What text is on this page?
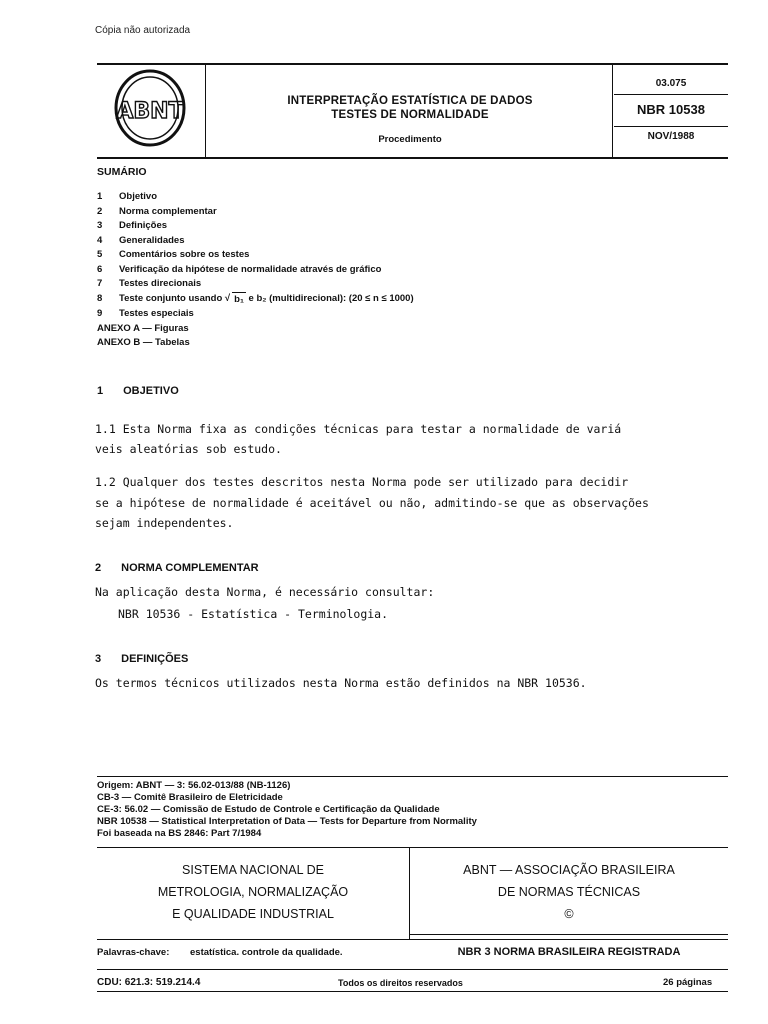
Cópia não autorizada
ABNT	INTERPRETAÇÃO ESTATÍSTICA DE DADOS
TESTES DE NORMALIDADE
Procedimento
03.075
NBR 10538
NOV/1988
SUMÁRIO
1	Objetivo
2	Norma complementar
3	Definições
4	Generalidades
5	Comentários sobre os testes
6	Verificação da hipótese de normalidade através de gráfico
7	Testes direcionais
8	Teste conjunto usando √ b₁
e b₂ (multidirecional): (20 ≤ n ≤ 1000)
9	Testes especiais
ANEXO A — Figuras
ANEXO B — Tabelas
1 OBJETIVO
1.1 Esta Norma fixa as condições técnicas para testar a normalidade de variá
veis aleatórias sob estudo.
1.2 Qualquer dos testes descritos nesta Norma pode ser utilizado para decidir
se a hipótese de normalidade é aceitável ou não, admitindo-se que as observações
sejam independentes.
2 NORMA COMPLEMENTAR
Na aplicação desta Norma, é necessário consultar:
NBR 10536 - Estatística - Terminologia.
3 DEFINIÇÕES
Os termos técnicos utilizados nesta Norma estão definidos na NBR 10536.
Origem: ABNT — 3: 56.02-013/88 (NB-1126)
CB-3 — Comitê Brasileiro de Eletricidade
CE-3: 56.02 — Comissão de Estudo de Controle e Certificação da Qualidade
NBR 10538 — Statistical Interpretation of Data — Tests for Departure from Normality
Foi baseada na BS 2846: Part 7/1984
SISTEMA NACIONAL DE
METROLOGIA, NORMALIZAÇÃO
E QUALIDADE INDUSTRIAL
ABNT — ASSOCIAÇÃO BRASILEIRA
DE NORMAS TÉCNICAS
©
Palavras-chave: estatística. controle da qualidade.	NBR 3 NORMA BRASILEIRA REGISTRADA
CDU: 621.3: 519.214.4	Todos os direitos reservados	26 páginas
